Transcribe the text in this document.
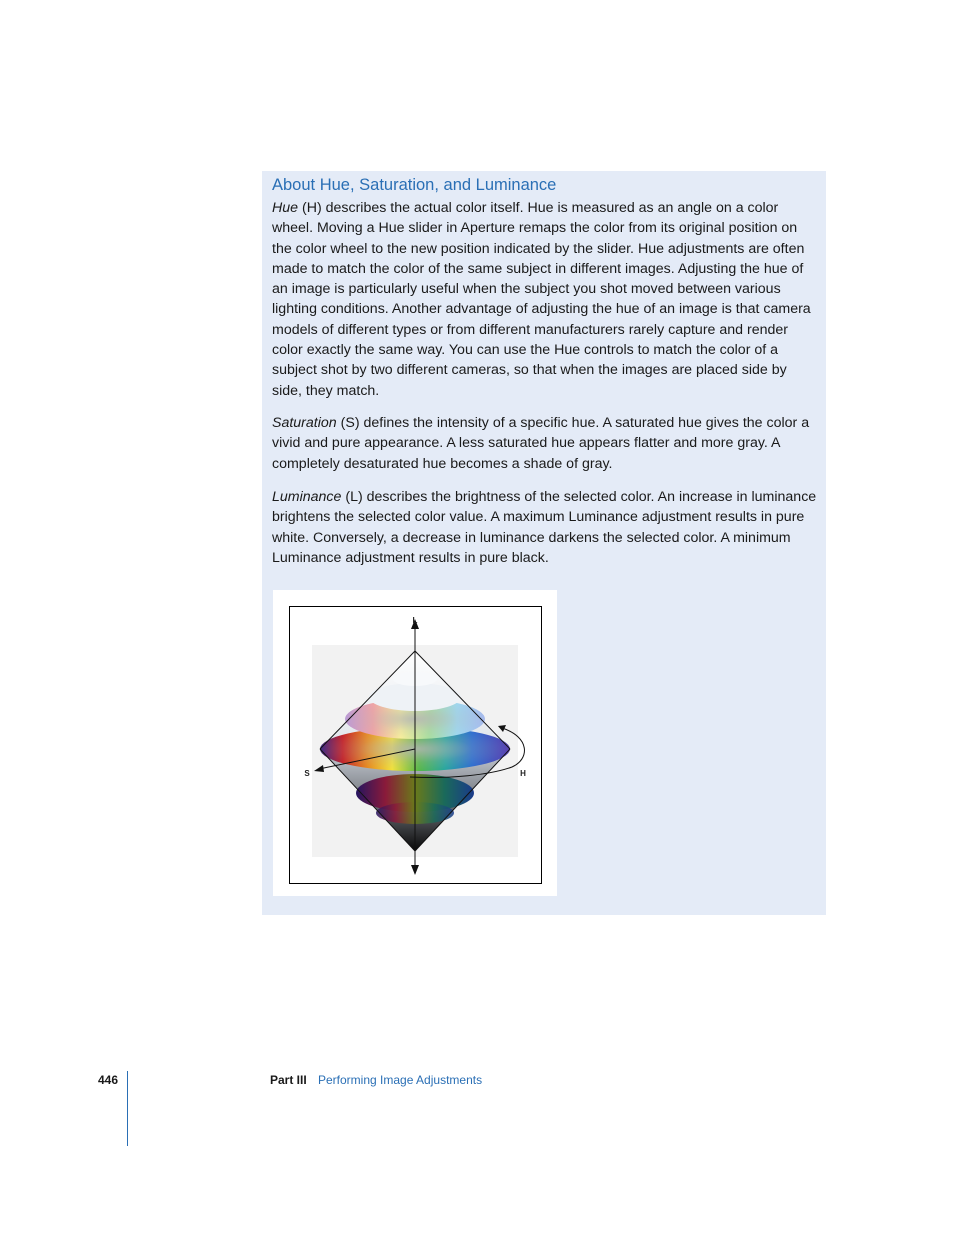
About Hue, Saturation, and Luminance

Hue (H) describes the actual color itself. Hue is measured as an angle on a color wheel. Moving a Hue slider in Aperture remaps the color from its original position on the color wheel to the new position indicated by the slider. Hue adjustments are often made to match the color of the same subject in different images. Adjusting the hue of an image is particularly useful when the subject you shot moved between various lighting conditions. Another advantage of adjusting the hue of an image is that camera models of different types or from different manufacturers rarely capture and render color exactly the same way. You can use the Hue controls to match the color of a subject shot by two different cameras, so that when the images are placed side by side, they match.

Saturation (S) defines the intensity of a specific hue. A saturated hue gives the color a vivid and pure appearance. A less saturated hue appears flatter and more gray. A completely desaturated hue becomes a shade of gray.

Luminance (L) describes the brightness of the selected color. An increase in luminance brightens the selected color value. A maximum Luminance adjustment results in pure white. Conversely, a decrease in luminance darkens the selected color. A minimum Luminance adjustment results in pure black.

L
S	H
446	Part III Performing Image Adjustments
